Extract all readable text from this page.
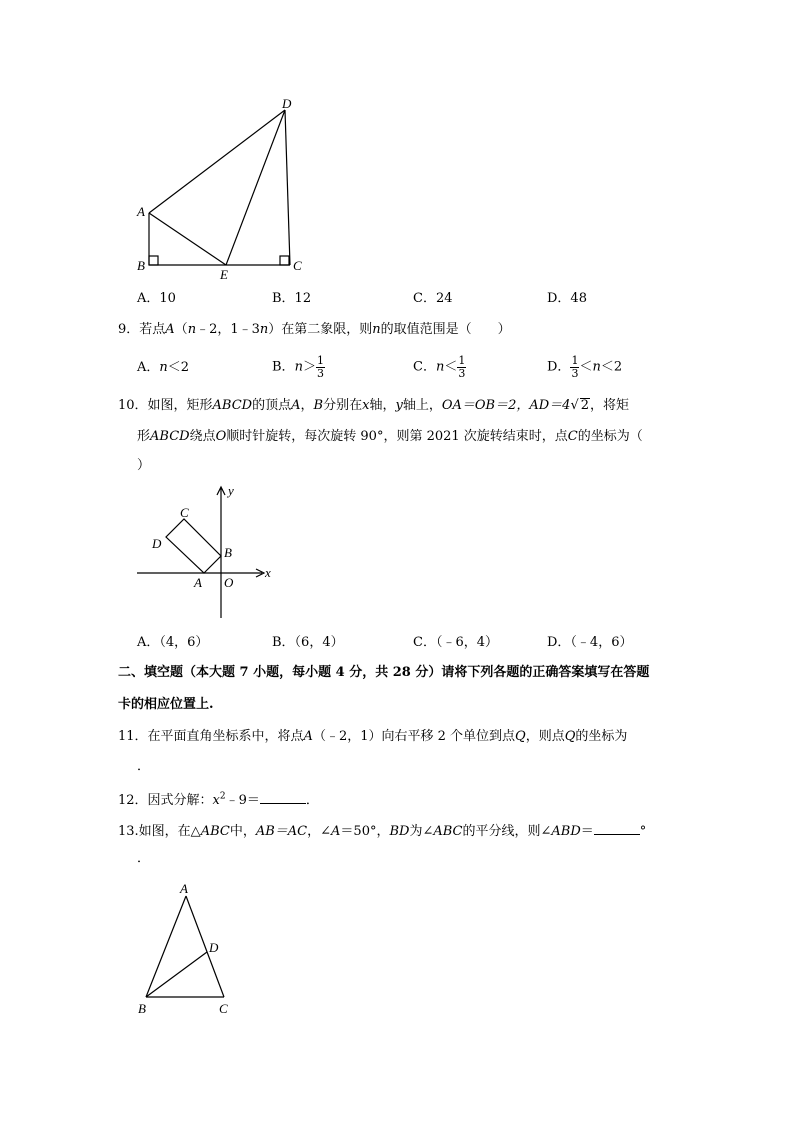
D
A
B
E
C
A．10	B．12	C．24	D．48
9．若点A（n﹣2，1﹣3n）在第二象限，则n的取值范围是（　　）
A．n＜2	B．$n> \frac{1}{3}$	C．$n< \frac{1}{3}$	D． $\frac{1}{3} <n<2$
10．如图，矩形ABCD的顶点A，B分别在x轴，y轴上，OA＝OB＝2，AD＝4√ 2，将矩
形ABCD绕点O顺时针旋转，每次旋转 90°，则第 2021 次旋转结束时，点C的坐标为（
）
y
C
D
B
x
A O
A．（4，6）	B．（6，4）	C．（﹣6，4）	D．（﹣4，6）
二、填空题（本大题 7 小题，每小题 4 分，共 28 分）请将下列各题的正确答案填写在答题
卡的相应位置上.
11．在平面直角坐标系中，将点A（﹣2，1）向右平移 2 个单位到点Q，则点Q的坐标为
．
12．因式分解：$x^2﹣9=$	．
13.如图，在△ABC中，AB＝AC，∠A＝50°，BD为∠ABC的平分线，则∠ABD＝	°
．
A
D
B	C
